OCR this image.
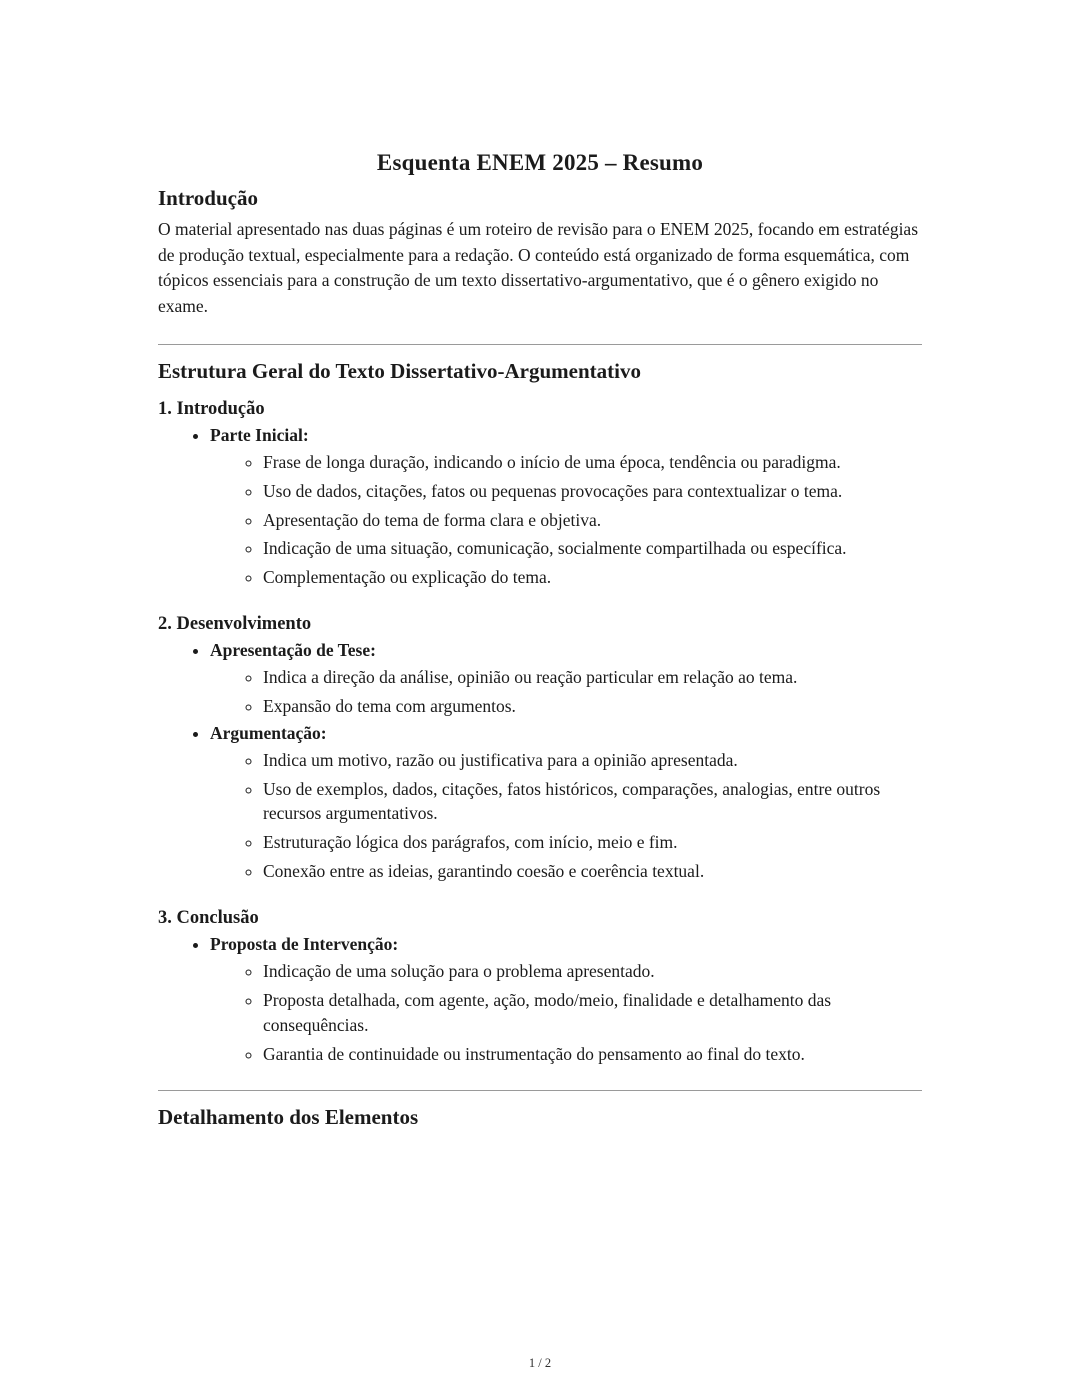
Esquenta ENEM 2025 – Resumo
Introdução

O material apresentado nas duas páginas é um roteiro de revisão para o ENEM 2025, focando em estratégias de produção textual, especialmente para a redação. O conteúdo está organizado de forma esquemática, com tópicos essenciais para a construção de um texto dissertativo-argumentativo, que é o gênero exigido no exame.

Estrutura Geral do Texto Dissertativo-Argumentativo
1. Introdução
• Parte Inicial:
◦ Frase de longa duração, indicando o início de uma época, tendência ou paradigma.
◦ Uso de dados, citações, fatos ou pequenas provocações para contextualizar o tema.
◦ Apresentação do tema de forma clara e objetiva.
◦ Indicação de uma situação, comunicação, socialmente compartilhada ou específica.
◦ Complementação ou explicação do tema.
2. Desenvolvimento
• Apresentação de Tese:
◦ Indica a direção da análise, opinião ou reação particular em relação ao tema.
◦ Expansão do tema com argumentos.
• Argumentação:
◦ Indica um motivo, razão ou justificativa para a opinião apresentada.
◦ Uso de exemplos, dados, citações, fatos históricos, comparações, analogias, entre outros recursos argumentativos.
◦ Estruturação lógica dos parágrafos, com início, meio e fim.
◦ Conexão entre as ideias, garantindo coesão e coerência textual.
3. Conclusão
• Proposta de Intervenção:
◦ Indicação de uma solução para o problema apresentado.
◦ Proposta detalhada, com agente, ação, modo/meio, finalidade e detalhamento das consequências.
◦ Garantia de continuidade ou instrumentação do pensamento ao final do texto.
Detalhamento dos Elementos
1 / 2
